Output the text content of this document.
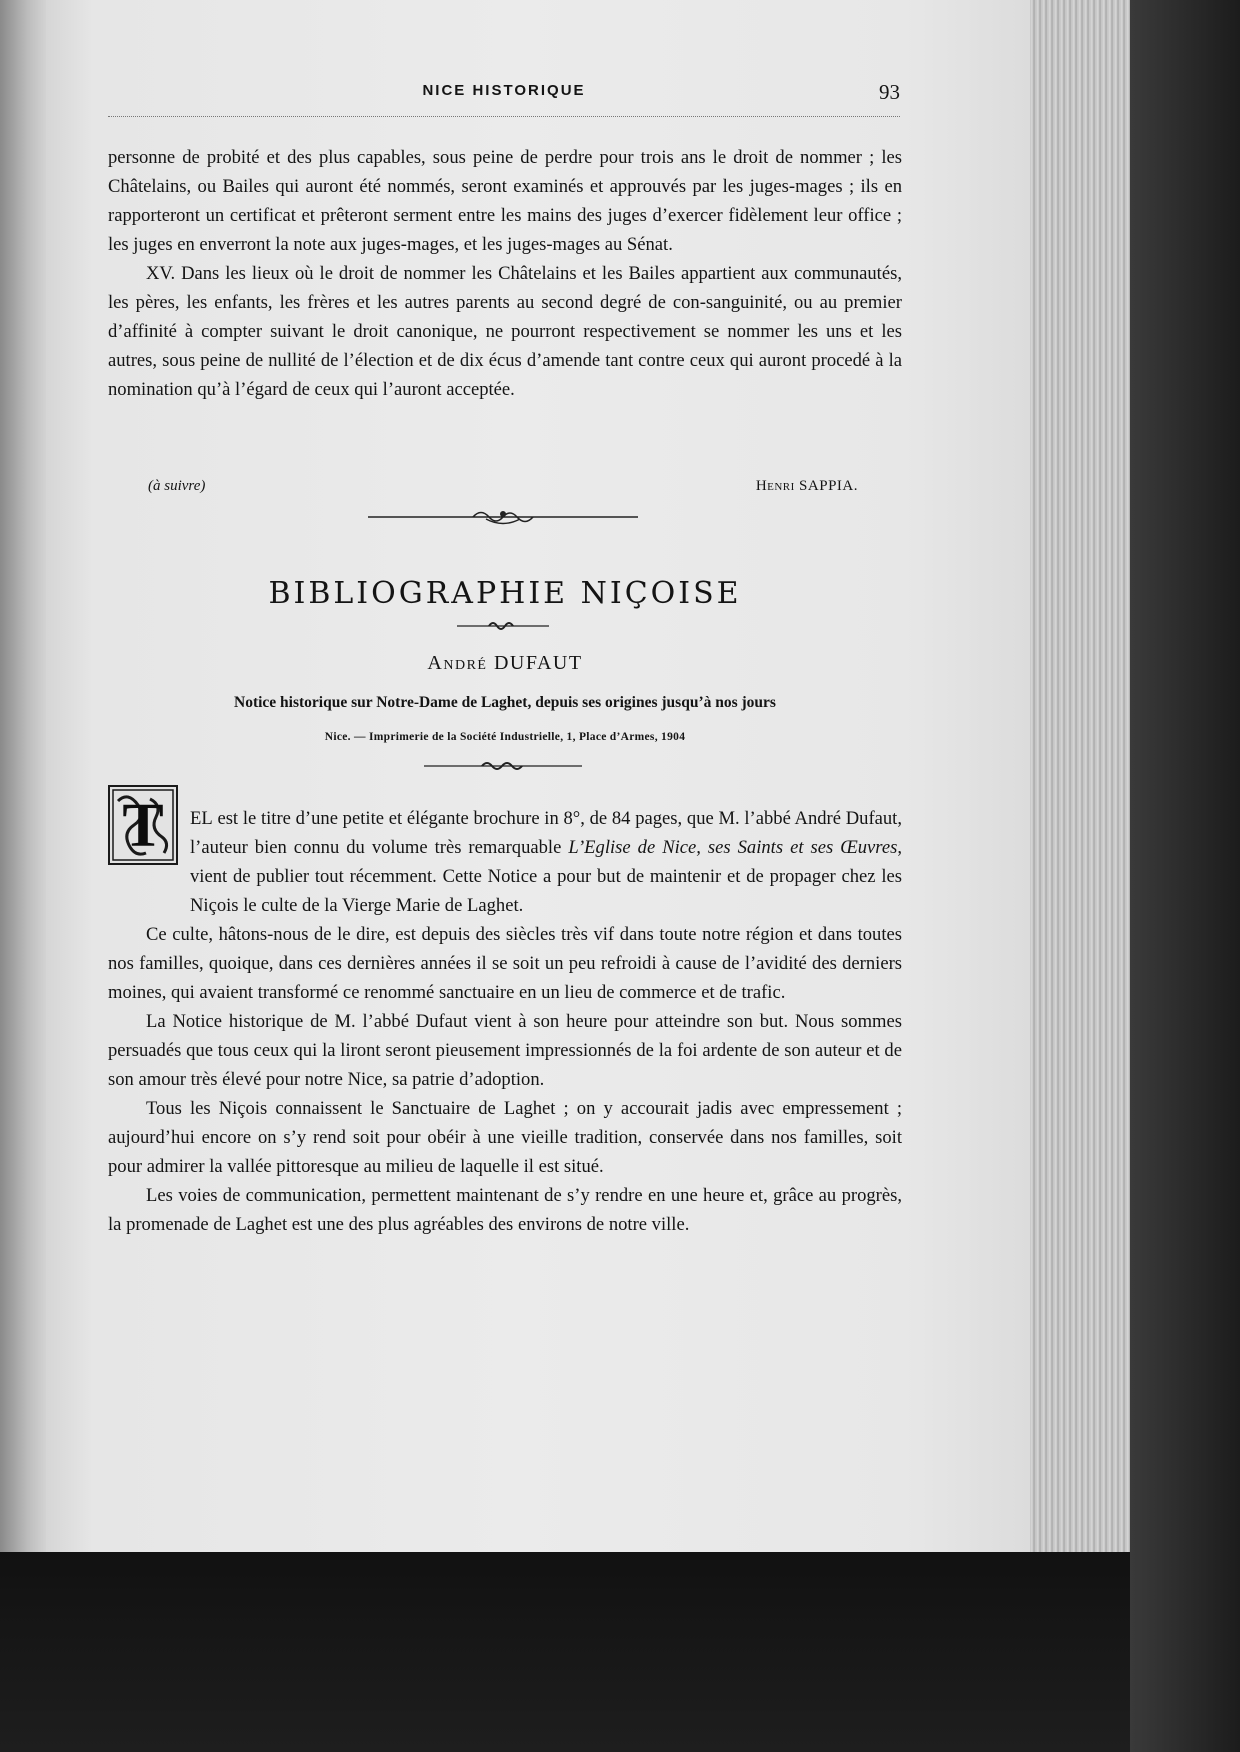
NICE HISTORIQUE	93

personne de probité et des plus capables, sous peine de perdre pour trois ans le droit de nommer ; les Châtelains, ou Bailes qui auront été nommés, seront examinés et approuvés par les juges-mages ; ils en rapporteront un certificat et prêteront serment entre les mains des juges d’exercer fidèlement leur office ; les juges en enverront la note aux juges-mages, et les juges-mages au Sénat.

XV. Dans les lieux où le droit de nommer les Châtelains et les Bailes appartient aux communautés, les pères, les enfants, les frères et les autres parents au second degré de con-sanguinité, ou au premier d’affinité à compter suivant le droit canonique, ne pourront respectivement se nommer les uns et les autres, sous peine de nullité de l’élection et de dix écus d’amende tant contre ceux qui auront procedé à la nomination qu’à l’égard de ceux qui l’auront acceptée.

(à suivre)	Henri SAPPIA.
BIBLIOGRAPHIE NIÇOISE
André DUFAUT
Notice historique sur Notre-Dame de Laghet, depuis ses origines jusqu’à nos jours
Nice. — Imprimerie de la Société Industrielle, 1, Place d’Armes, 1904
T	EL est le titre d’une petite et élégante brochure in 8°, de 84 pages, que M. l’abbé André Dufaut, l’auteur bien connu du volume très remarquable L’Eglise de Nice, ses Saints et ses Œuvres, vient de publier tout récemment. Cette Notice a pour but de maintenir et de propager chez les Niçois le culte de la Vierge Marie de Laghet.

Ce culte, hâtons-nous de le dire, est depuis des siècles très vif dans toute notre région et dans toutes nos familles, quoique, dans ces dernières années il se soit un peu refroidi à cause de l’avidité des derniers moines, qui avaient transformé ce renommé sanctuaire en un lieu de commerce et de trafic.

La Notice historique de M. l’abbé Dufaut vient à son heure pour atteindre son but. Nous sommes persuadés que tous ceux qui la liront seront pieusement impressionnés de la foi ardente de son auteur et de son amour très élevé pour notre Nice, sa patrie d’adoption.

Tous les Niçois connaissent le Sanctuaire de Laghet ; on y accourait jadis avec empressement ; aujourd’hui encore on s’y rend soit pour obéir à une vieille tradition, conservée dans nos familles, soit pour admirer la vallée pittoresque au milieu de laquelle il est situé.

Les voies de communication, permettent maintenant de s’y rendre en une heure et, grâce au progrès, la promenade de Laghet est une des plus agréables des environs de notre ville.
